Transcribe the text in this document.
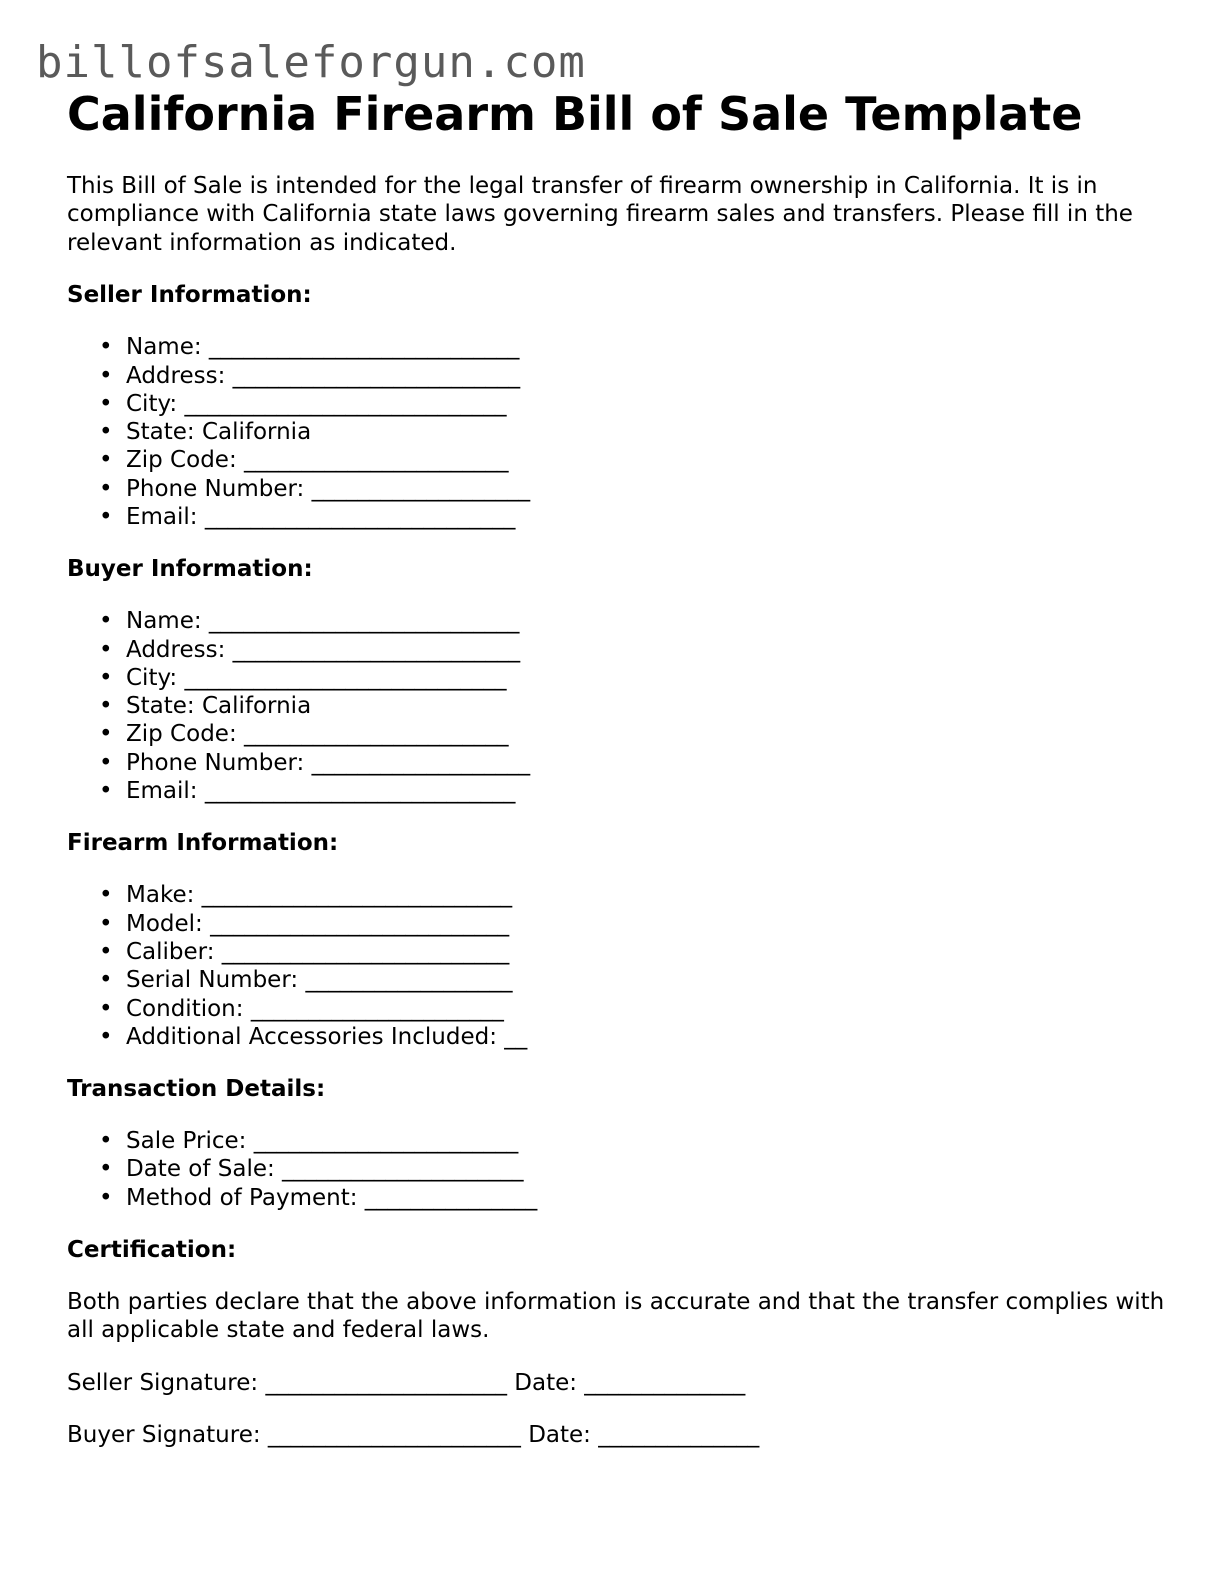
billofsaleforgun.com
California Firearm Bill of Sale Template

This Bill of Sale is intended for the legal transfer of firearm ownership in California. It is in compliance with California state laws governing firearm sales and transfers. Please fill in the relevant information as indicated.

Seller Information:
• Name: ___________________________
• Address: _________________________
• City: ____________________________
• State: California
• Zip Code: _______________________
• Phone Number: ___________________
• Email: ___________________________
Buyer Information:
• Name: ___________________________
• Address: _________________________
• City: ____________________________
• State: California
• Zip Code: _______________________
• Phone Number: ___________________
• Email: ___________________________
Firearm Information:
• Make: ___________________________
• Model: __________________________
• Caliber: _________________________
• Serial Number: __________________
• Condition: ______________________
• Additional Accessories Included: __
Transaction Details:
• Sale Price: _______________________
• Date of Sale: _____________________
• Method of Payment: _______________
Certification:

Both parties declare that the above information is accurate and that the transfer complies with all applicable state and federal laws.

Seller Signature: _____________________ Date: ______________
Buyer Signature: ______________________ Date: ______________
